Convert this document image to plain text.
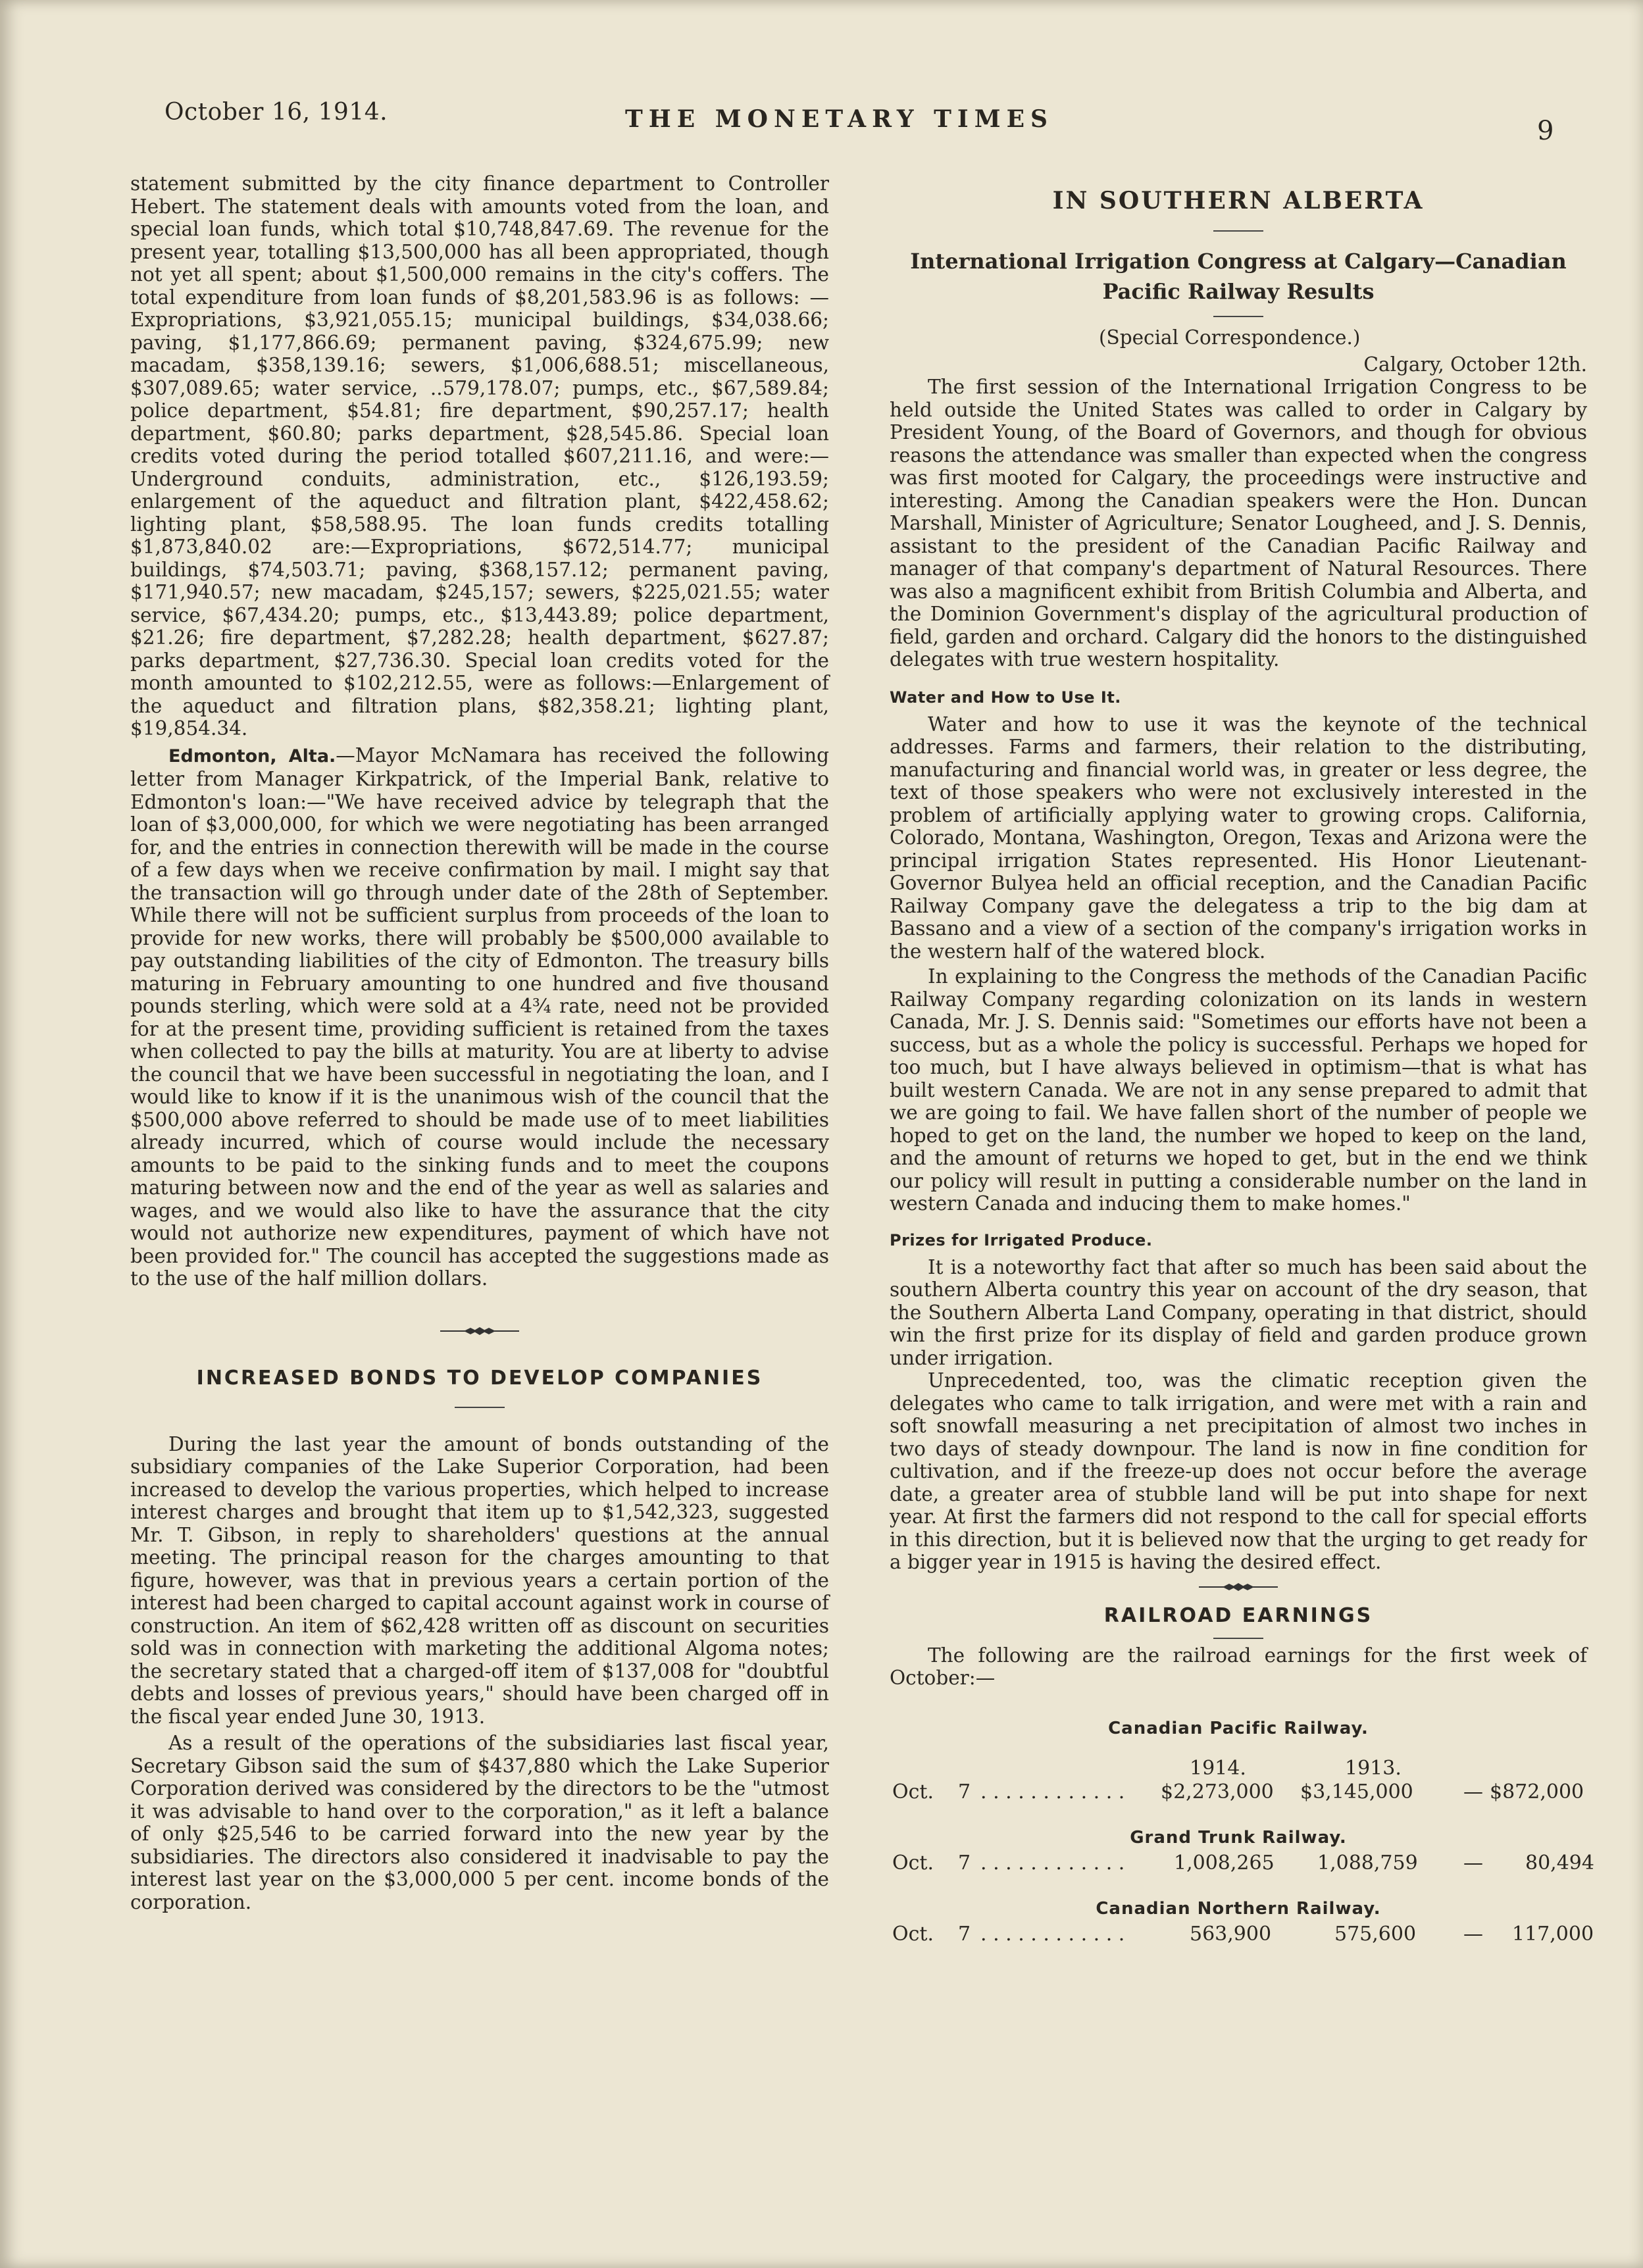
October 16, 1914.	THE MONETARY TIMES	9

statement submitted by the city finance department to Controller Hebert. The statement deals with amounts voted from the loan, and special loan funds, which total $10,748,847.69. The revenue for the present year, totalling $13,500,000 has all been appropriated, though not yet all spent; about $1,500,000 remains in the city's coffers. The total expenditure from loan funds of $8,201,583.96 is as follows: —Expropriations, $3,921,055.15; municipal buildings, $34,038.66; paving, $1,177,866.69; permanent paving, $324,675.99; new macadam, $358,139.16; sewers, $1,006,688.51; miscellaneous, $307,089.65; water service, ..579,178.07; pumps, etc., $67,589.84; police department, $54.81; fire department, $90,257.17; health department, $60.80; parks department, $28,545.86. Special loan credits voted during the period totalled $607,211.16, and were:—Underground conduits, administration, etc., $126,193.59; enlargement of the aqueduct and filtration plant, $422,458.62; lighting plant, $58,588.95. The loan funds credits totalling $1,873,840.02 are:—Expropriations, $672,514.77; municipal buildings, $74,503.71; paving, $368,157.12; permanent paving, $171,940.57; new macadam, $245,157; sewers, $225,021.55; water service, $67,434.20; pumps, etc., $13,443.89; police department, $21.26; fire department, $7,282.28; health department, $627.87; parks department, $27,736.30. Special loan credits voted for the month amounted to $102,212.55, were as follows:—Enlargement of the aqueduct and filtration plans, $82,358.21; lighting plant, $19,854.34.

Edmonton, Alta.—Mayor McNamara has received the following letter from Manager Kirkpatrick, of the Imperial Bank, relative to Edmonton's loan:—"We have received advice by telegraph that the loan of $3,000,000, for which we were negotiating has been arranged for, and the entries in connection therewith will be made in the course of a few days when we receive confirmation by mail. I might say that the transaction will go through under date of the 28th of September. While there will not be sufficient surplus from proceeds of the loan to provide for new works, there will probably be $500,000 available to pay outstanding liabilities of the city of Edmonton. The treasury bills maturing in February amounting to one hundred and five thousand pounds sterling, which were sold at a 4¾ rate, need not be provided for at the present time, providing sufficient is retained from the taxes when collected to pay the bills at maturity. You are at liberty to advise the council that we have been successful in negotiating the loan, and I would like to know if it is the unanimous wish of the council that the $500,000 above referred to should be made use of to meet liabilities already incurred, which of course would include the necessary amounts to be paid to the sinking funds and to meet the coupons maturing between now and the end of the year as well as salaries and wages, and we would also like to have the assurance that the city would not authorize new expenditures, payment of which have not been provided for." The council has accepted the suggestions made as to the use of the half million dollars.

INCREASED BONDS TO DEVELOP COMPANIES

During the last year the amount of bonds outstanding of the subsidiary companies of the Lake Superior Corporation, had been increased to develop the various properties, which helped to increase interest charges and brought that item up to $1,542,323, suggested Mr. T. Gibson, in reply to shareholders' questions at the annual meeting. The principal reason for the charges amounting to that figure, however, was that in previous years a certain portion of the interest had been charged to capital account against work in course of construction. An item of $62,428 written off as discount on securities sold was in connection with marketing the additional Algoma notes; the secretary stated that a charged-off item of $137,008 for "doubtful debts and losses of previous years," should have been charged off in the fiscal year ended June 30, 1913.

As a result of the operations of the subsidiaries last fiscal year, Secretary Gibson said the sum of $437,880 which the Lake Superior Corporation derived was considered by the directors to be the "utmost it was advisable to hand over to the corporation," as it left a balance of only $25,546 to be carried forward into the new year by the subsidiaries. The directors also considered it inadvisable to pay the interest last year on the $3,000,000 5 per cent. income bonds of the corporation.

IN SOUTHERN ALBERTA
International Irrigation Congress at Calgary—Canadian
Pacific Railway Results

(Special Correspondence.)

Calgary, October 12th.

The first session of the International Irrigation Congress to be held outside the United States was called to order in Calgary by President Young, of the Board of Governors, and though for obvious reasons the attendance was smaller than expected when the congress was first mooted for Calgary, the proceedings were instructive and interesting. Among the Canadian speakers were the Hon. Duncan Marshall, Minister of Agriculture; Senator Lougheed, and J. S. Dennis, assistant to the president of the Canadian Pacific Railway and manager of that company's department of Natural Resources. There was also a magnificent exhibit from British Columbia and Alberta, and the Dominion Government's display of the agricultural production of field, garden and orchard. Calgary did the honors to the distinguished delegates with true western hospitality.

Water and How to Use It.

Water and how to use it was the keynote of the technical addresses. Farms and farmers, their relation to the distributing, manufacturing and financial world was, in greater or less degree, the text of those speakers who were not exclusively interested in the problem of artificially applying water to growing crops. California, Colorado, Montana, Washington, Oregon, Texas and Arizona were the principal irrigation States represented. His Honor Lieutenant-Governor Bulyea held an official reception, and the Canadian Pacific Railway Company gave the delegatess a trip to the big dam at Bassano and a view of a section of the company's irrigation works in the western half of the watered block.

In explaining to the Congress the methods of the Canadian Pacific Railway Company regarding colonization on its lands in western Canada, Mr. J. S. Dennis said: "Sometimes our efforts have not been a success, but as a whole the policy is successful. Perhaps we hoped for too much, but I have always believed in optimism—that is what has built western Canada. We are not in any sense prepared to admit that we are going to fail. We have fallen short of the number of people we hoped to get on the land, the number we hoped to keep on the land, and the amount of returns we hoped to get, but in the end we think our policy will result in putting a considerable number on the land in western Canada and inducing them to make homes."

Prizes for Irrigated Produce.

It is a noteworthy fact that after so much has been said about the southern Alberta country this year on account of the dry season, that the Southern Alberta Land Company, operating in that district, should win the first prize for its display of field and garden produce grown under irrigation.

Unprecedented, too, was the climatic reception given the delegates who came to talk irrigation, and were met with a rain and soft snowfall measuring a net precipitation of almost two inches in two days of steady downpour. The land is now in fine condition for cultivation, and if the freeze-up does not occur before the average date, a greater area of stubble land will be put into shape for next year. At first the farmers did not respond to the call for special efforts in this direction, but it is believed now that the urging to get ready for a bigger year in 1915 is having the desired effect.

RAILROAD EARNINGS

The following are the railroad earnings for the first week of October:—

Canadian Pacific Railway.
1914.	1913.
Oct. 7 . . . . . . . . . . . . $2,273,000 $3,145,000	— $872,000
Grand Trunk Railway.
Oct. 7 . . . . . . . . . . . . 1,008,265 1,088,759 — 80,494
Canadian Northern Railway.
Oct. 7 . . . . . . . . . . . .	563,900	575,600 — 117,000
